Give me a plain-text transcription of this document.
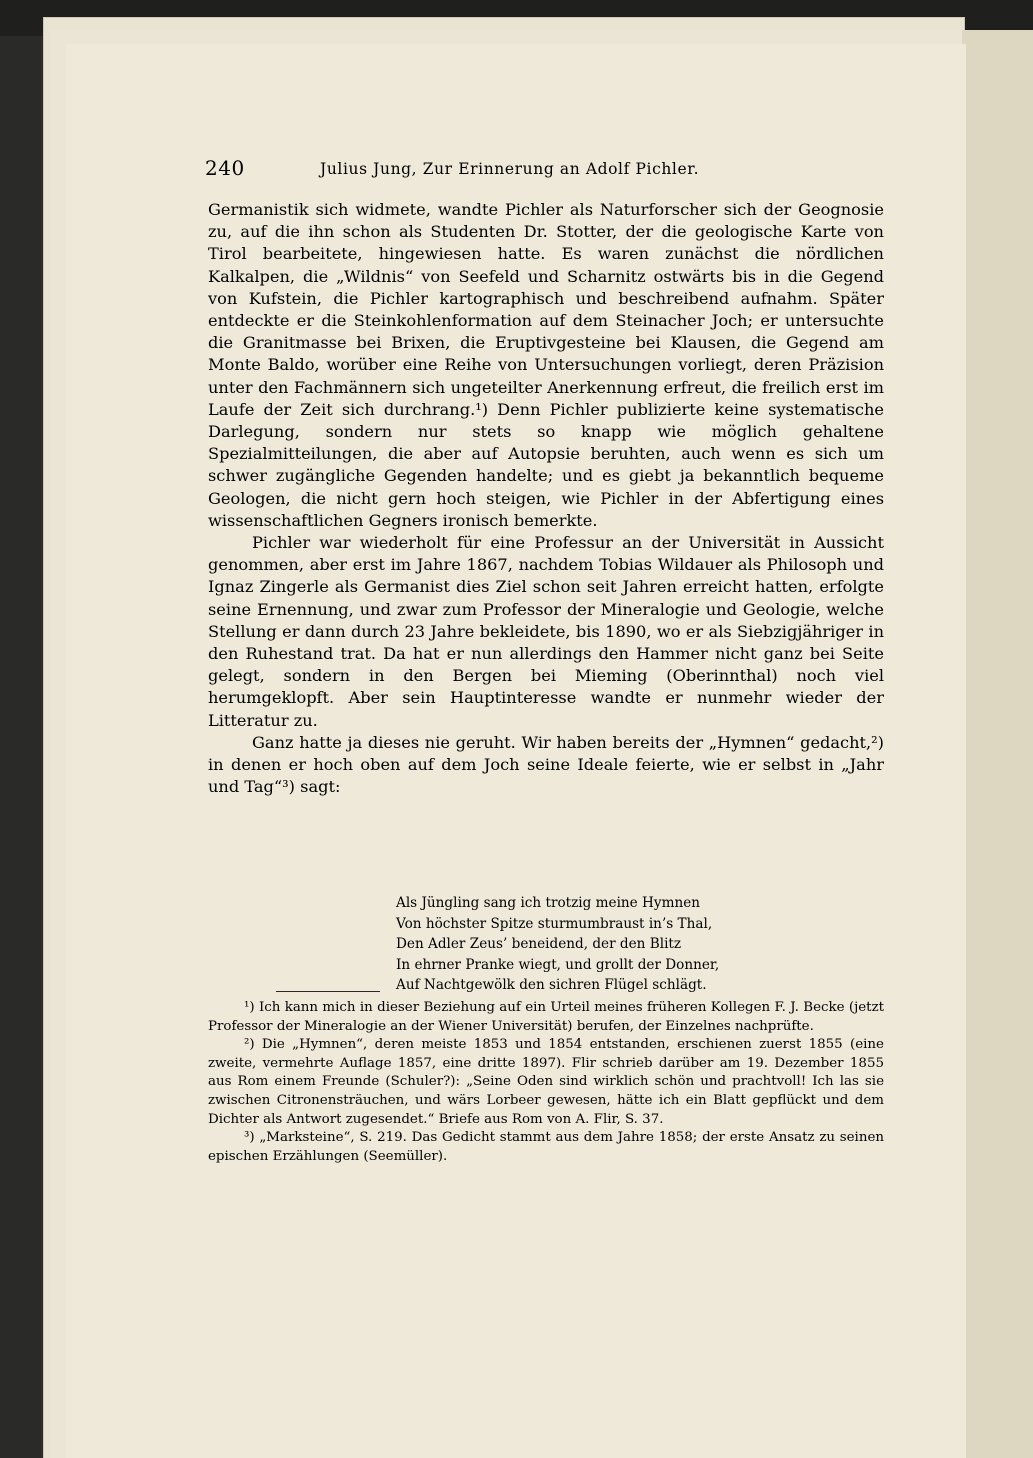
240	Julius Jung, Zur Erinnerung an Adolf Pichler.

Germanistik sich widmete, wandte Pichler als Naturforscher sich der Geognosie zu, auf die ihn schon als Studenten Dr. Stotter, der die geologische Karte von Tirol bearbeitete, hingewiesen hatte. Es waren zunächst die nördlichen Kalkalpen, die „Wildnis“ von Seefeld und Scharnitz ostwärts bis in die Gegend von Kufstein, die Pichler kartographisch und beschreibend aufnahm. Später entdeckte er die Steinkohlenformation auf dem Steinacher Joch; er untersuchte die Granitmasse bei Brixen, die Eruptivgesteine bei Klausen, die Gegend am Monte Baldo, worüber eine Reihe von Untersuchungen vorliegt, deren Präzision unter den Fachmännern sich ungeteilter Anerkennung erfreut, die freilich erst im Laufe der Zeit sich durchrang.¹) Denn Pichler publizierte keine systematische Darlegung, sondern nur stets so knapp wie möglich gehaltene Spezialmitteilungen, die aber auf Autopsie beruhten, auch wenn es sich um schwer zugängliche Gegenden handelte; und es giebt ja bekanntlich bequeme Geologen, die nicht gern hoch steigen, wie Pichler in der Abfertigung eines wissenschaftlichen Gegners ironisch bemerkte.

Pichler war wiederholt für eine Professur an der Universität in Aussicht genommen, aber erst im Jahre 1867, nachdem Tobias Wildauer als Philosoph und Ignaz Zingerle als Germanist dies Ziel schon seit Jahren erreicht hatten, erfolgte seine Ernennung, und zwar zum Professor der Mineralogie und Geologie, welche Stellung er dann durch 23 Jahre bekleidete, bis 1890, wo er als Siebzigjähriger in den Ruhestand trat. Da hat er nun allerdings den Hammer nicht ganz bei Seite gelegt, sondern in den Bergen bei Mieming (Oberinnthal) noch viel herumgeklopft. Aber sein Hauptinteresse wandte er nunmehr wieder der Litteratur zu.

Ganz hatte ja dieses nie geruht. Wir haben bereits der „Hymnen“ gedacht,²) in denen er hoch oben auf dem Joch seine Ideale feierte, wie er selbst in „Jahr und Tag“³) sagt:

Als Jüngling sang ich trotzig meine Hymnen
Von höchster Spitze sturmumbraust in’s Thal,
Den Adler Zeus’ beneidend, der den Blitz
In ehrner Pranke wiegt, und grollt der Donner,
Auf Nachtgewölk den sichren Flügel schlägt.

¹) Ich kann mich in dieser Beziehung auf ein Urteil meines früheren Kollegen F. J. Becke (jetzt Professor der Mineralogie an der Wiener Universität) berufen, der Einzelnes nachprüfte.

²) Die „Hymnen“, deren meiste 1853 und 1854 entstanden, erschienen zuerst 1855 (eine zweite, vermehrte Auflage 1857, eine dritte 1897). Flir schrieb darüber am 19. Dezember 1855 aus Rom einem Freunde (Schuler?): „Seine Oden sind wirklich schön und prachtvoll! Ich las sie zwischen Citronensträuchen, und wärs Lorbeer gewesen, hätte ich ein Blatt gepflückt und dem Dichter als Antwort zugesendet.“ Briefe aus Rom von A. Flir, S. 37.

³) „Marksteine“, S. 219. Das Gedicht stammt aus dem Jahre 1858; der erste Ansatz zu seinen epischen Erzählungen (Seemüller).
